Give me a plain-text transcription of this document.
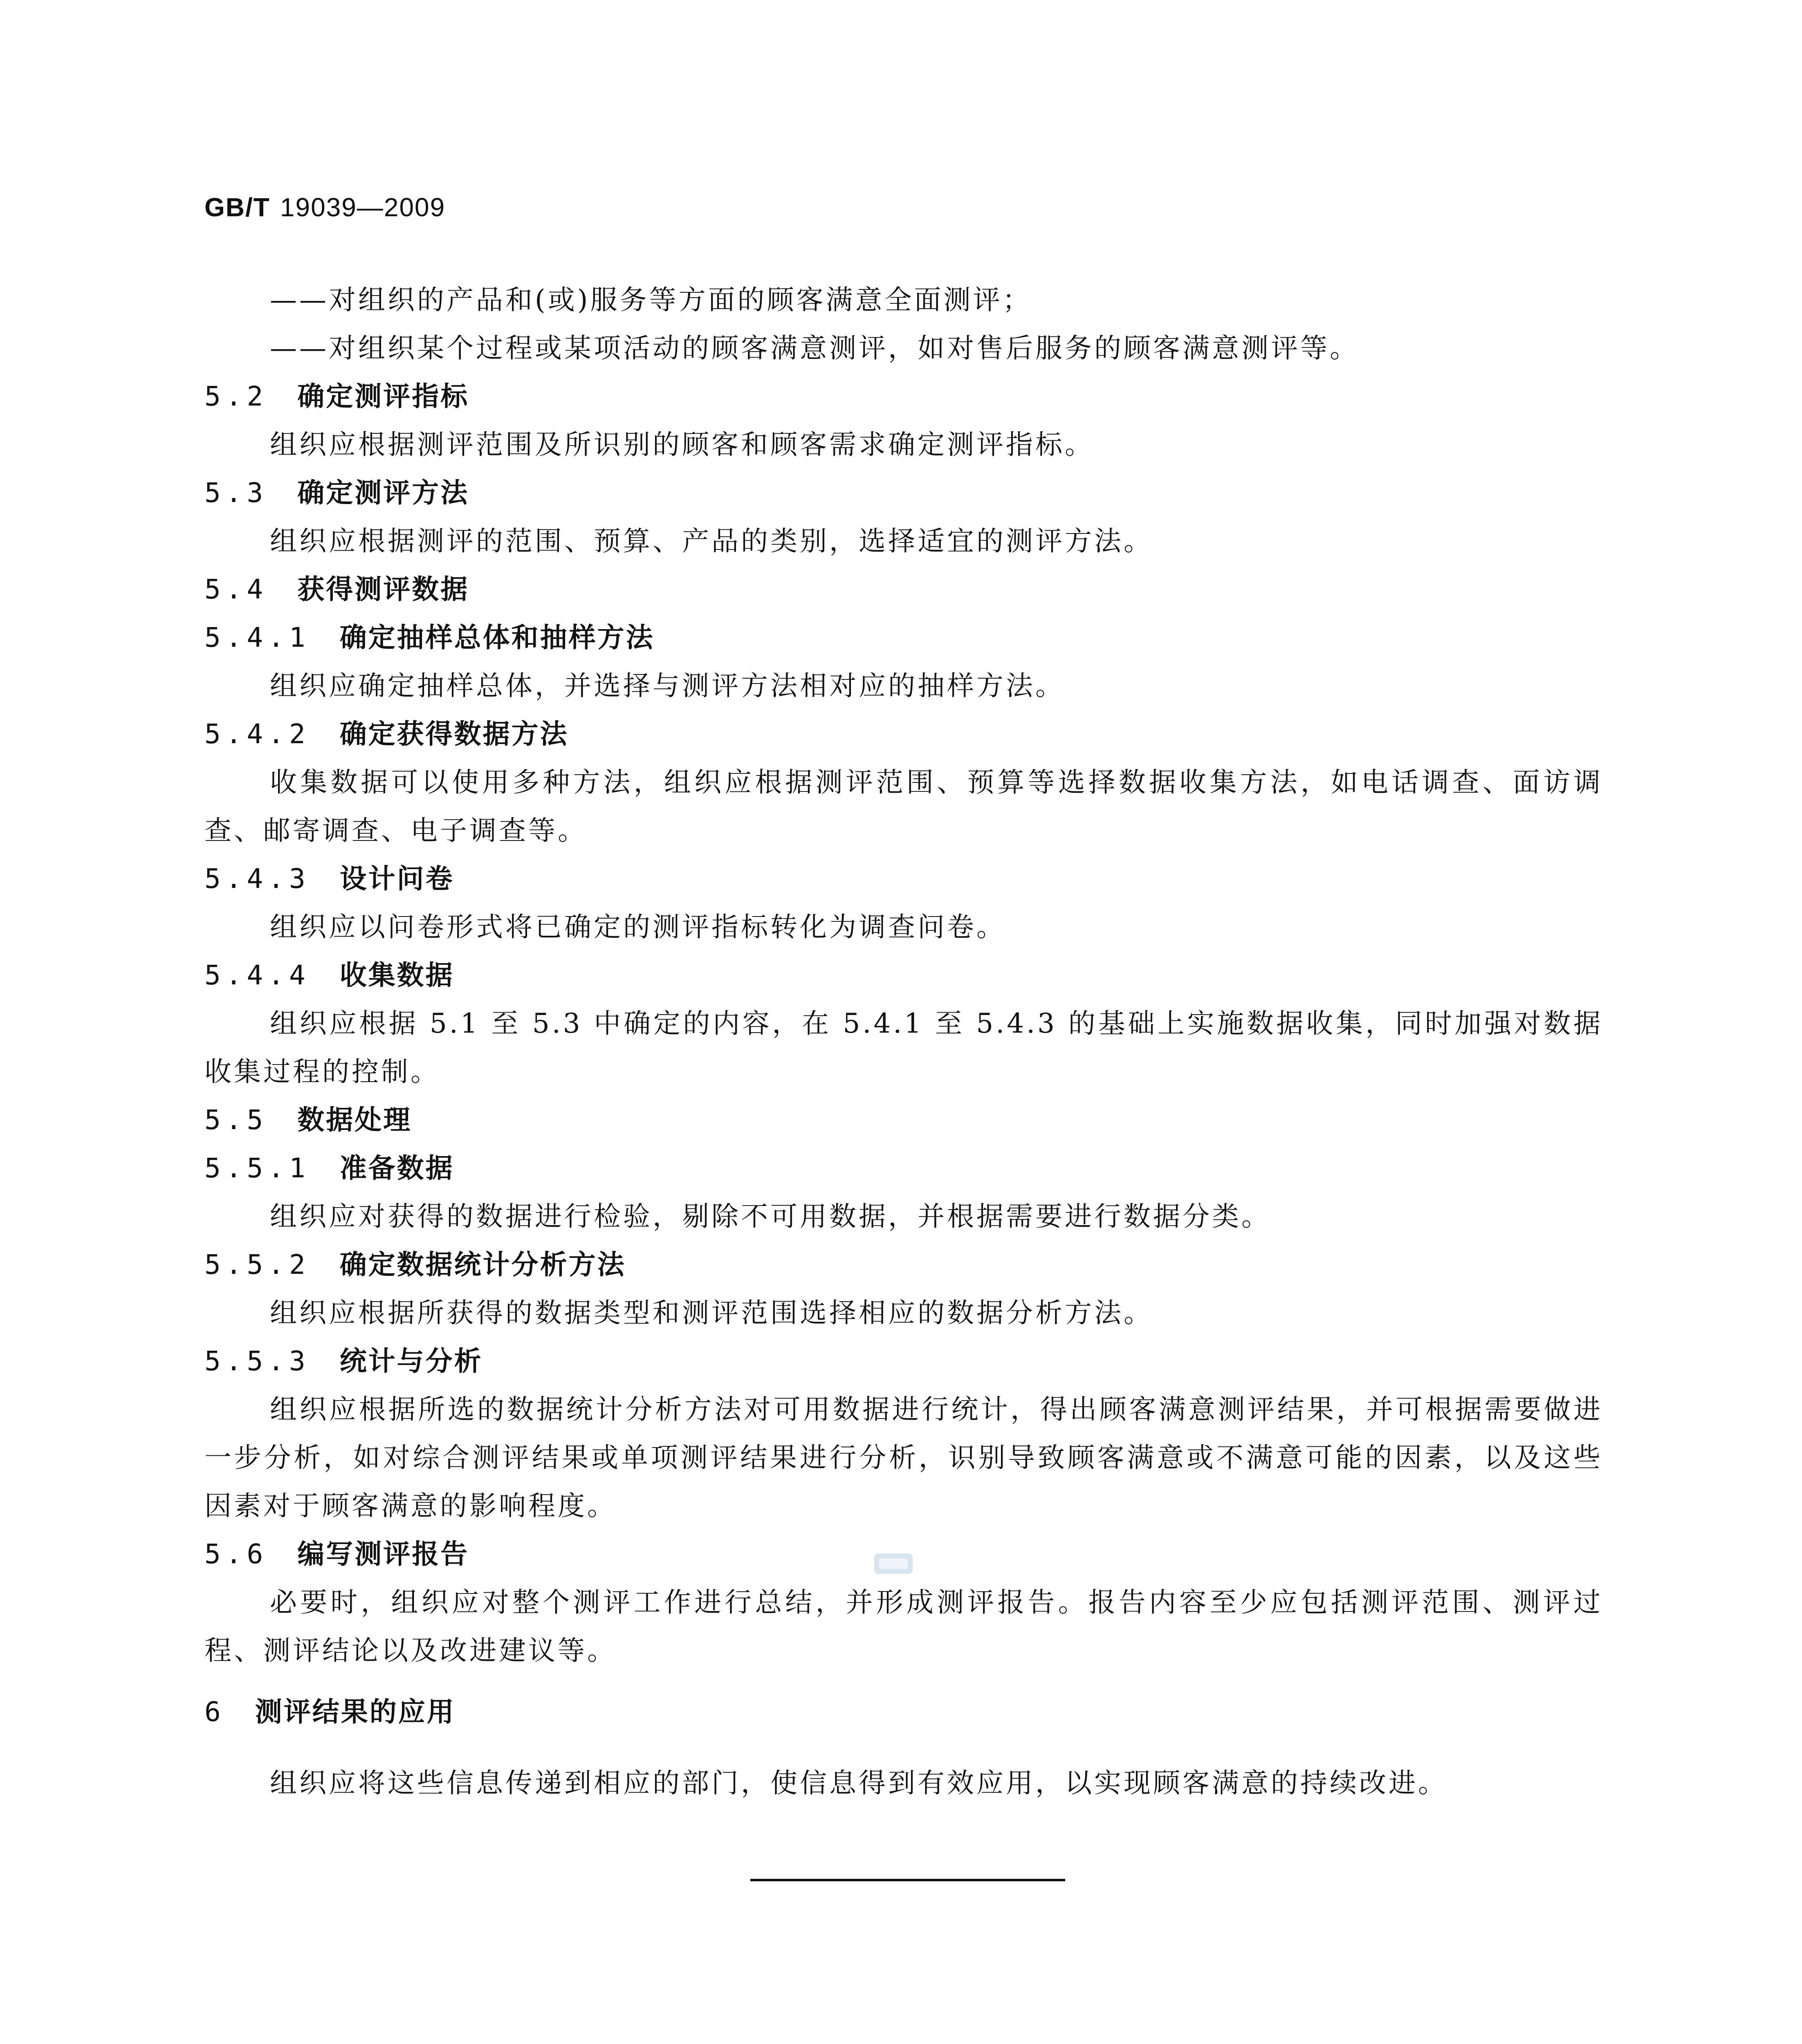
GB/T 19039—2009

——对组织的产品和(或)服务等方面的顾客满意全面测评；

——对组织某个过程或某项活动的顾客满意测评，如对售后服务的顾客满意测评等。

5.2 确定测评指标

组织应根据测评范围及所识别的顾客和顾客需求确定测评指标。

5.3 确定测评方法

组织应根据测评的范围、预算、产品的类别，选择适宜的测评方法。

5.4 获得测评数据

5.4.1 确定抽样总体和抽样方法

组织应确定抽样总体，并选择与测评方法相对应的抽样方法。

5.4.2 确定获得数据方法

收集数据可以使用多种方法，组织应根据测评范围、预算等选择数据收集方法，如电话调查、面访调查、邮寄调查、电子调查等。

5.4.3 设计问卷

组织应以问卷形式将已确定的测评指标转化为调查问卷。

5.4.4 收集数据

组织应根据 5.1 至 5.3 中确定的内容，在 5.4.1 至 5.4.3 的基础上实施数据收集，同时加强对数据收集过程的控制。

5.5 数据处理

5.5.1 准备数据

组织应对获得的数据进行检验，剔除不可用数据，并根据需要进行数据分类。

5.5.2 确定数据统计分析方法

组织应根据所获得的数据类型和测评范围选择相应的数据分析方法。

5.5.3 统计与分析

组织应根据所选的数据统计分析方法对可用数据进行统计，得出顾客满意测评结果，并可根据需要做进一步分析，如对综合测评结果或单项测评结果进行分析，识别导致顾客满意或不满意可能的因素，以及这些因素对于顾客满意的影响程度。

5.6 编写测评报告

必要时，组织应对整个测评工作进行总结，并形成测评报告。报告内容至少应包括测评范围、测评过程、测评结论以及改进建议等。

6 测评结果的应用

组织应将这些信息传递到相应的部门，使信息得到有效应用，以实现顾客满意的持续改进。
